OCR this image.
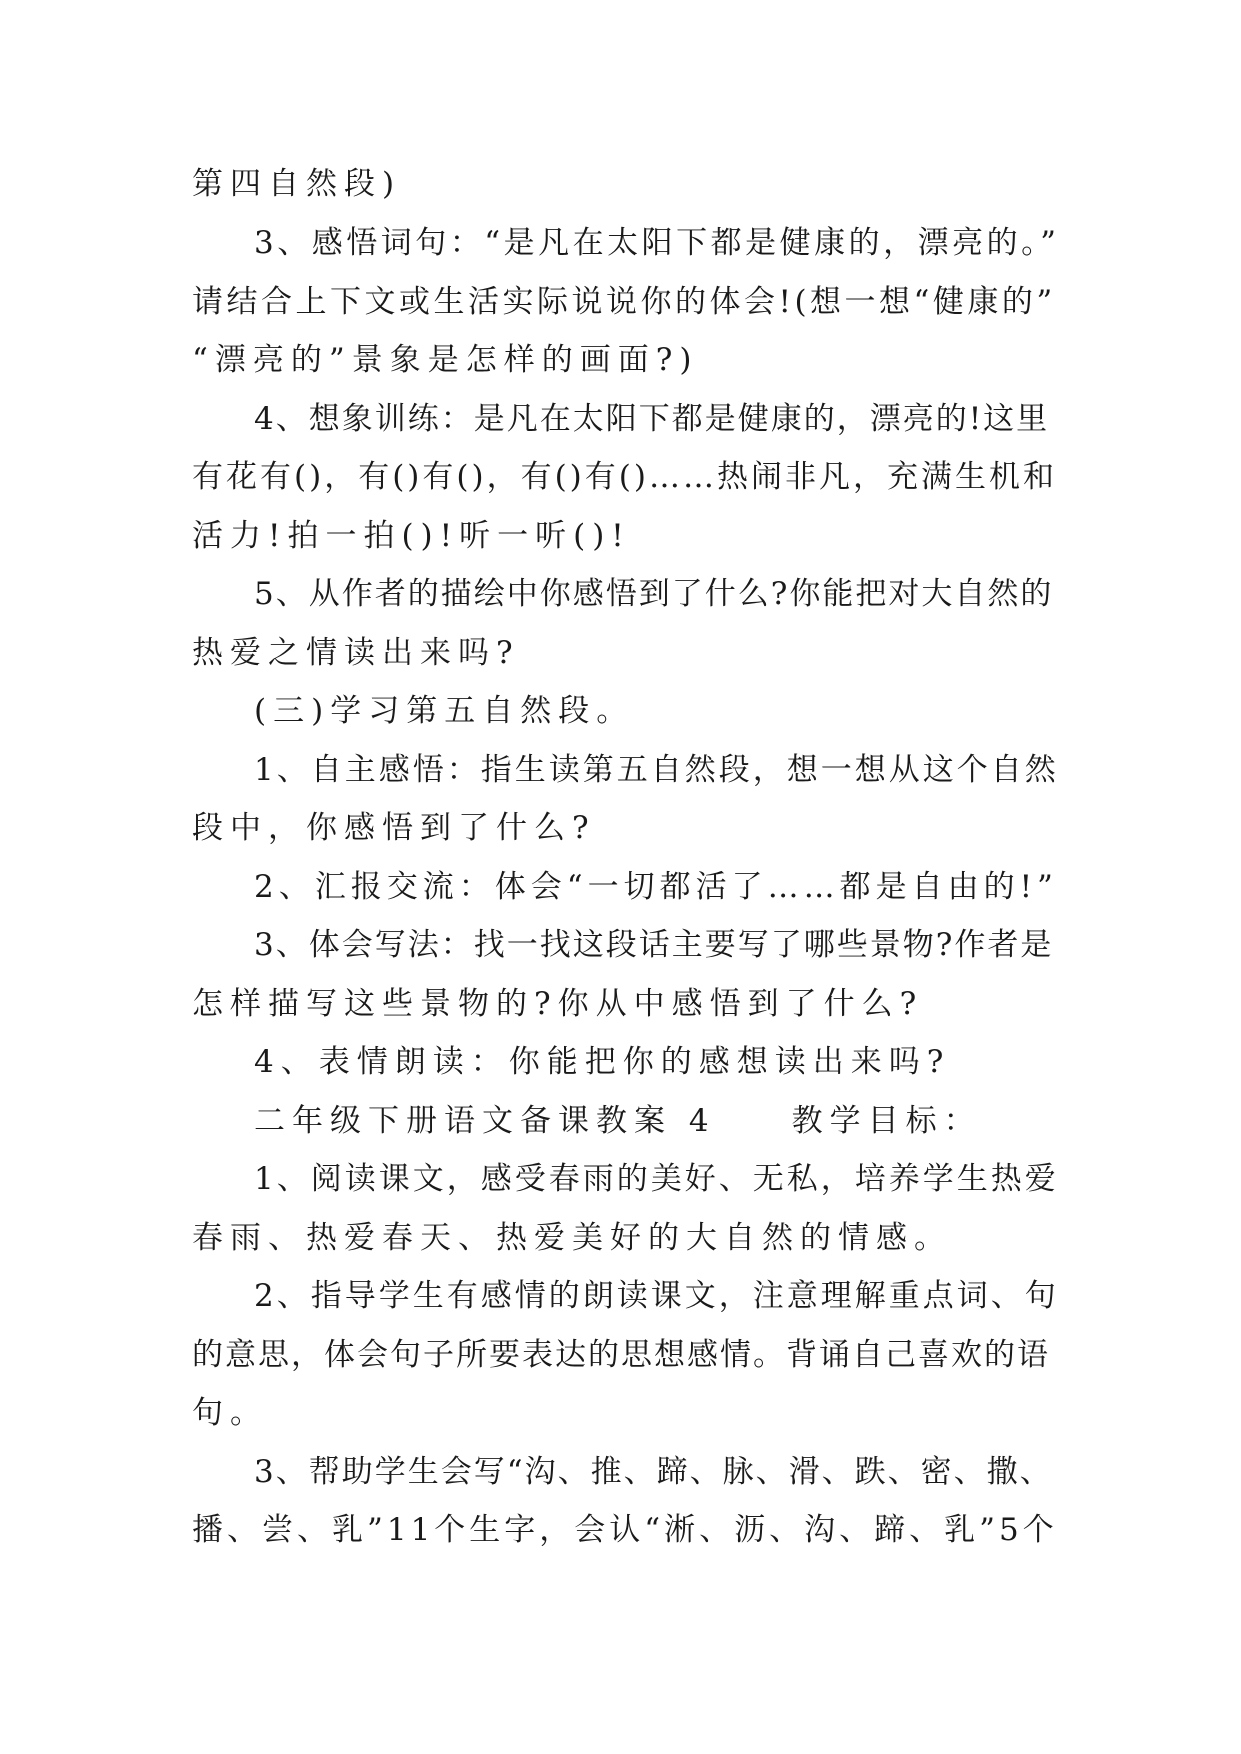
第四自然段)
3、感悟词句：“是凡在太阳下都是健康的，漂亮的。”
请结合上下文或生活实际说说你的体会!(想一想“健康的”
“漂亮的”景象是怎样的画面?)
4、想象训练：是凡在太阳下都是健康的，漂亮的!这里
有花有()，有()有()，有()有()……热闹非凡，充满生机和
活力!拍一拍()!听一听()!
5、从作者的描绘中你感悟到了什么?你能把对大自然的
热爱之情读出来吗?
(三)学习第五自然段。
1、自主感悟：指生读第五自然段，想一想从这个自然
段中，你感悟到了什么?
2、汇报交流：体会“一切都活了……都是自由的!”
3、体会写法：找一找这段话主要写了哪些景物?作者是
怎样描写这些景物的?你从中感悟到了什么?
4、表情朗读：你能把你的感想读出来吗?
二年级下册语文备课教案 4　　教学目标：
1、阅读课文，感受春雨的美好、无私，培养学生热爱
春雨、热爱春天、热爱美好的大自然的情感。
2、指导学生有感情的朗读课文，注意理解重点词、句
的意思，体会句子所要表达的思想感情。背诵自己喜欢的语
句。
3、帮助学生会写“沟、推、蹄、脉、滑、跌、密、撒、
播、尝、乳”11个生字，会认“淅、沥、沟、蹄、乳”5个
